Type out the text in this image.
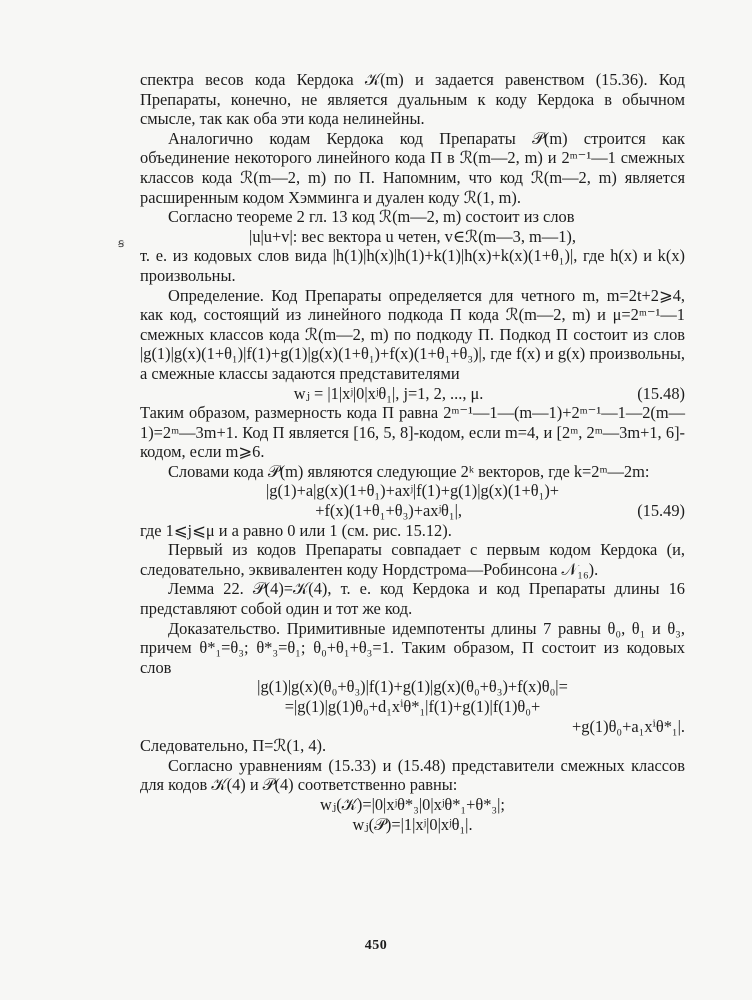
ꞩ

спектра весов кода Кердока 𝒦(m) и задается равенством (15.36). Код Препараты, конечно, не является дуальным к коду Кердока в обычном смысле, так как оба эти кода нелинейны.

Аналогично кодам Кердока код Препараты 𝒫(m) строится как объединение некоторого линейного кода Π в ℛ(m—2, m) и 2ᵐ⁻¹—1 смежных классов кода ℛ(m—2, m) по Π. Напомним, что код ℛ(m—2, m) является расширенным кодом Хэмминга и дуален коду ℛ(1, m).

Согласно теореме 2 гл. 13 код ℛ(m—2, m) состоит из слов

|u|u+v|: вес вектора u четен, v∈ℛ(m—3, m—1),

т. е. из кодовых слов вида |h(1)|h(x)|h(1)+k(1)|h(x)+k(x)(1+θ₁)|, где h(x) и k(x) произвольны.

Определение. Код Препараты определяется для четного m, m=2t+2⩾4, как код, состоящий из линейного подкода Π кода ℛ(m—2, m) и μ=2ᵐ⁻¹—1 смежных классов кода ℛ(m—2, m) по подкоду Π. Подкод Π состоит из слов |g(1)|g(x)(1+θ₁)|f(1)+g(1)|g(x)(1+θ₁)+f(x)(1+θ₁+θ₃)|, где f(x) и g(x) произвольны, а смежные классы задаются представителями

wⱼ = |1|xʲ|0|xʲθ₁|, j=1, 2, ..., μ.	(15.48)

Таким образом, размерность кода Π равна 2ᵐ⁻¹—1—(m—1)+2ᵐ⁻¹—1—2(m—1)=2ᵐ—3m+1. Код Π является [16, 5, 8]-кодом, если m=4, и [2ᵐ, 2ᵐ—3m+1, 6]-кодом, если m⩾6.

Словами кода 𝒫(m) являются следующие 2ᵏ векторов, где k=2ᵐ—2m:

|g(1)+a|g(x)(1+θ₁)+axʲ|f(1)+g(1)|g(x)(1+θ₁)+

+f(x)(1+θ₁+θ₃)+axʲθ₁|,	(15.49)

где 1⩽j⩽μ и a равно 0 или 1 (см. рис. 15.12).

Первый из кодов Препараты совпадает с первым кодом Кердока (и, следовательно, эквивалентен коду Нордстрома—Робинсона 𝒩₁₆).

Лемма 22. 𝒫(4)=𝒦(4), т. е. код Кердока и код Препараты длины 16 представляют собой один и тот же код.

Доказательство. Примитивные идемпотенты длины 7 равны θ₀, θ₁ и θ₃, причем θ*₁=θ₃; θ*₃=θ₁; θ₀+θ₁+θ₃=1. Таким образом, Π состоит из кодовых слов

|g(1)|g(x)(θ₀+θ₃)|f(1)+g(1)|g(x)(θ₀+θ₃)+f(x)θ₀|=

=|g(1)|g(1)θ₀+d₁xⁱθ*₁|f(1)+g(1)|f(1)θ₀+

+g(1)θ₀+a₁xⁱθ*₁|.

Следовательно, Π=ℛ(1, 4).

Согласно уравнениям (15.33) и (15.48) представители смежных классов для кодов 𝒦(4) и 𝒫(4) соответственно равны:

wⱼ(𝒦)=|0|xʲθ*₃|0|xʲθ*₁+θ*₃|;

wⱼ(𝒫)=|1|xʲ|0|xʲθ₁|.

450
